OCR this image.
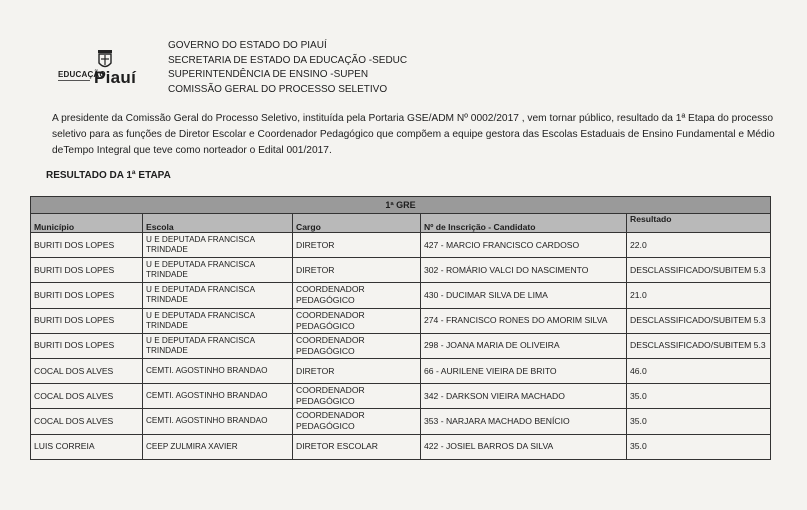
EDUCAÇÃO
Piauí
GOVERNO DO ESTADO DO PIAUÍ
SECRETARIA DE ESTADO DA EDUCAÇÃO -SEDUC
SUPERINTENDÊNCIA DE ENSINO -SUPEN
COMISSÃO GERAL DO PROCESSO SELETIVO

A presidente da Comissão Geral do Processo Seletivo, instituída pela Portaria GSE/ADM Nº 0002/2017 , vem tornar público, resultado da 1ª Etapa do processo

seletivo para as funções de Diretor Escolar e Coordenador Pedagógico que compõem a equipe gestora das Escolas Estaduais de Ensino Fundamental e Médio

deTempo Integral que teve como norteador o Edital 001/2017.

RESULTADO DA 1ª ETAPA
1ª GRE				
Município	Escola	Cargo	Nº de Inscrição - Candidato	Resultado
BURITI DOS LOPES	U E DEPUTADA FRANCISCA TRINDADE	DIRETOR	427 - MARCIO FRANCISCO CARDOSO	22.0
BURITI DOS LOPES	U E DEPUTADA FRANCISCA TRINDADE	DIRETOR	302 - ROMÁRIO VALCI DO NASCIMENTO	DESCLASSIFICADO/SUBITEM 5.3
BURITI DOS LOPES	U E DEPUTADA FRANCISCA TRINDADE	COORDENADOR PEDAGÓGICO	430 - DUCIMAR SILVA DE LIMA	21.0
BURITI DOS LOPES	U E DEPUTADA FRANCISCA TRINDADE	COORDENADOR PEDAGÓGICO	274 - FRANCISCO RONES DO AMORIM SILVA	DESCLASSIFICADO/SUBITEM 5.3
BURITI DOS LOPES	U E DEPUTADA FRANCISCA TRINDADE	COORDENADOR PEDAGÓGICO	298 - JOANA MARIA DE OLIVEIRA	DESCLASSIFICADO/SUBITEM 5.3
COCAL DOS ALVES	CEMTI. AGOSTINHO BRANDAO	DIRETOR	66 - AURILENE VIEIRA DE BRITO	46.0
COCAL DOS ALVES	CEMTI. AGOSTINHO BRANDAO	COORDENADOR PEDAGÓGICO	342 - DARKSON VIEIRA MACHADO	35.0
COCAL DOS ALVES	CEMTI. AGOSTINHO BRANDAO	COORDENADOR PEDAGÓGICO	353 - NARJARA MACHADO BENÍCIO	35.0
LUIS CORREIA	CEEP ZULMIRA XAVIER	DIRETOR ESCOLAR	422 - JOSIEL BARROS DA SILVA	35.0
